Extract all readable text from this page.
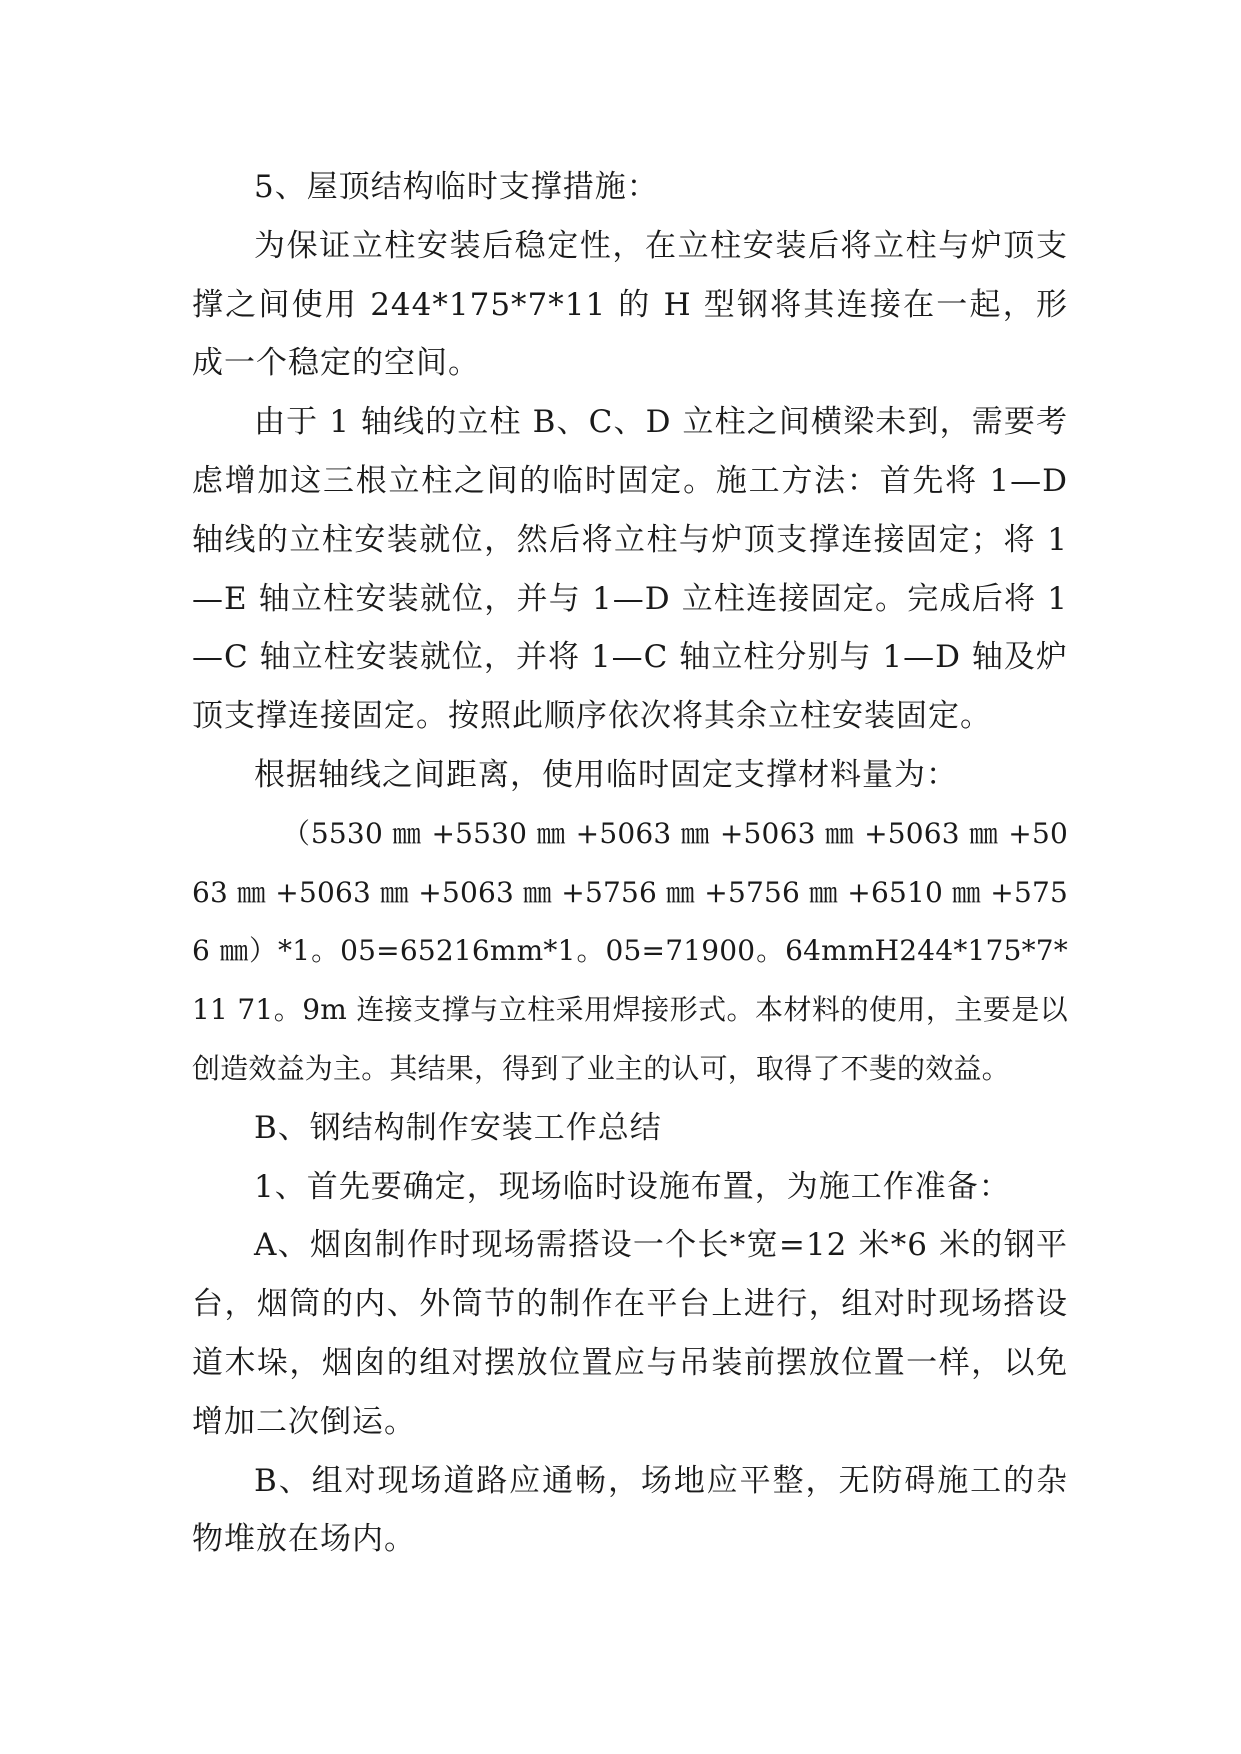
5、屋顶结构临时支撑措施：

为保证立柱安装后稳定性，在立柱安装后将立柱与炉顶支撑之间使用 244*175*7*11 的 H 型钢将其连接在一起，形成一个稳定的空间。

由于 1 轴线的立柱 B、C、D 立柱之间横梁未到，需要考虑增加这三根立柱之间的临时固定。施工方法：首先将 1—D 轴线的立柱安装就位，然后将立柱与炉顶支撑连接固定；将 1—E 轴立柱安装就位，并与 1—D 立柱连接固定。完成后将 1—C 轴立柱安装就位，并将 1—C 轴立柱分别与 1—D 轴及炉顶支撑连接固定。按照此顺序依次将其余立柱安装固定。

根据轴线之间距离，使用临时固定支撑材料量为：

（5530 ㎜ +5530 ㎜ +5063 ㎜ +5063 ㎜ +5063 ㎜ +5063 ㎜ +5063 ㎜ +5063 ㎜ +5756 ㎜ +5756 ㎜ +6510 ㎜ +5756 ㎜）*1。05=65216mm*1。05=71900。64mmH244*175*7*11 71。9m 连接支撑与立柱采用焊接形式。本材料的使用，主要是以创造效益为主。其结果，得到了业主的认可，取得了不斐的效益。

B、钢结构制作安装工作总结

1、首先要确定，现场临时设施布置，为施工作准备：

A、烟囱制作时现场需搭设一个长*宽=12 米*6 米的钢平台，烟筒的内、外筒节的制作在平台上进行，组对时现场搭设道木垛，烟囱的组对摆放位置应与吊装前摆放位置一样，以免增加二次倒运。

B、组对现场道路应通畅，场地应平整，无防碍施工的杂物堆放在场内。
